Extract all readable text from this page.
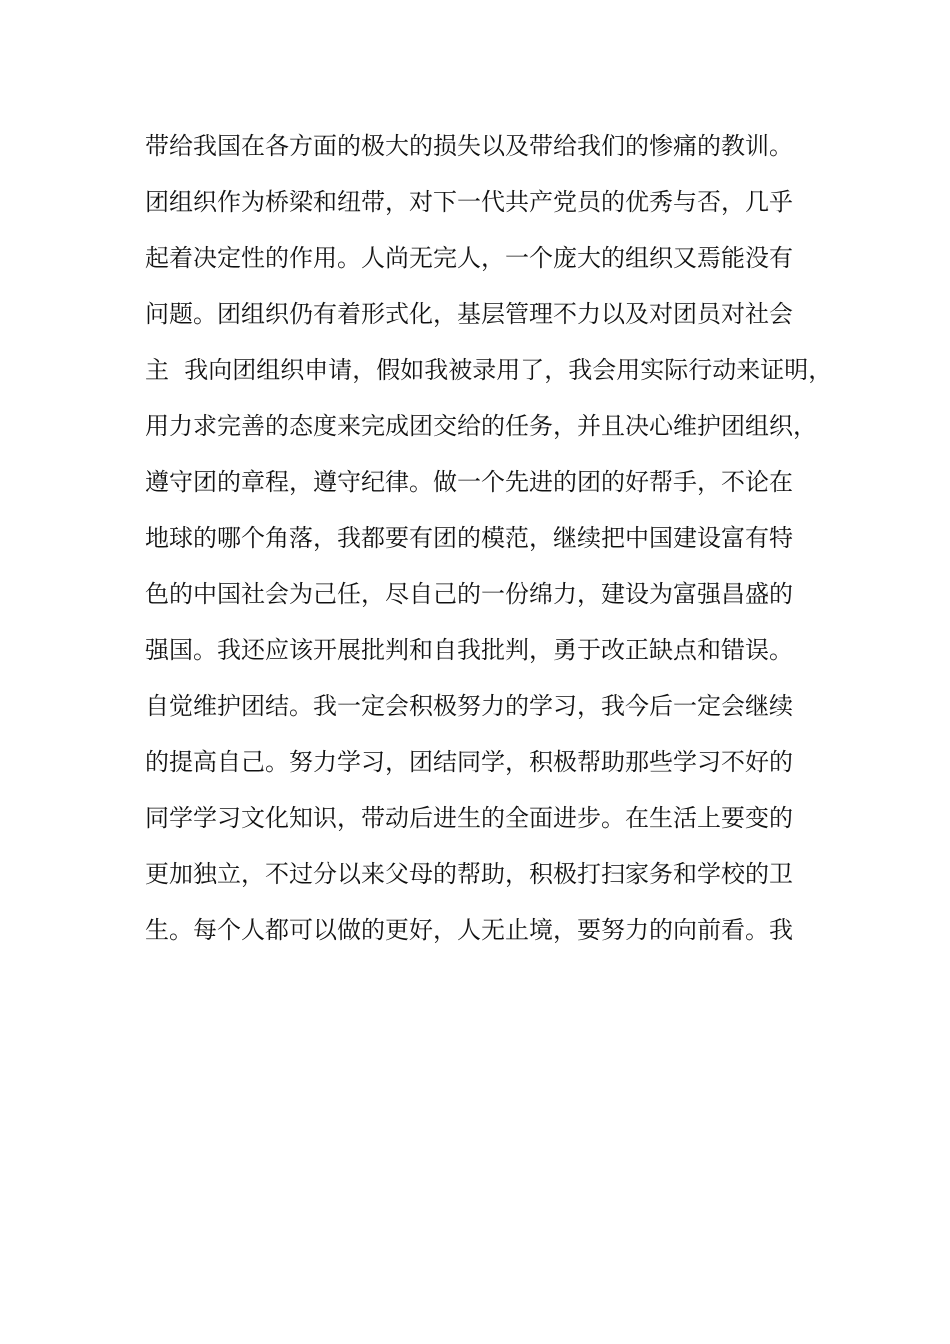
带给我国在各方面的极大的损失以及带给我们的惨痛的教训。
团组织作为桥梁和纽带，对下一代共产党员的优秀与否，几乎
起着决定性的作用。人尚无完人，一个庞大的组织又焉能没有
问题。团组织仍有着形式化，基层管理不力以及对团员对社会
主  我向团组织申请，假如我被录用了，我会用实际行动来证明，
用力求完善的态度来完成团交给的任务，并且决心维护团组织，
遵守团的章程，遵守纪律。做一个先进的团的好帮手，不论在
地球的哪个角落，我都要有团的模范，继续把中国建设富有特
色的中国社会为己任，尽自己的一份绵力，建设为富强昌盛的
强国。我还应该开展批判和自我批判，勇于改正缺点和错误。
自觉维护团结。我一定会积极努力的学习，我今后一定会继续
的提高自己。努力学习，团结同学，积极帮助那些学习不好的
同学学习文化知识，带动后进生的全面进步。在生活上要变的
更加独立，不过分以来父母的帮助，积极打扫家务和学校的卫
生。每个人都可以做的更好，人无止境，要努力的向前看。我
